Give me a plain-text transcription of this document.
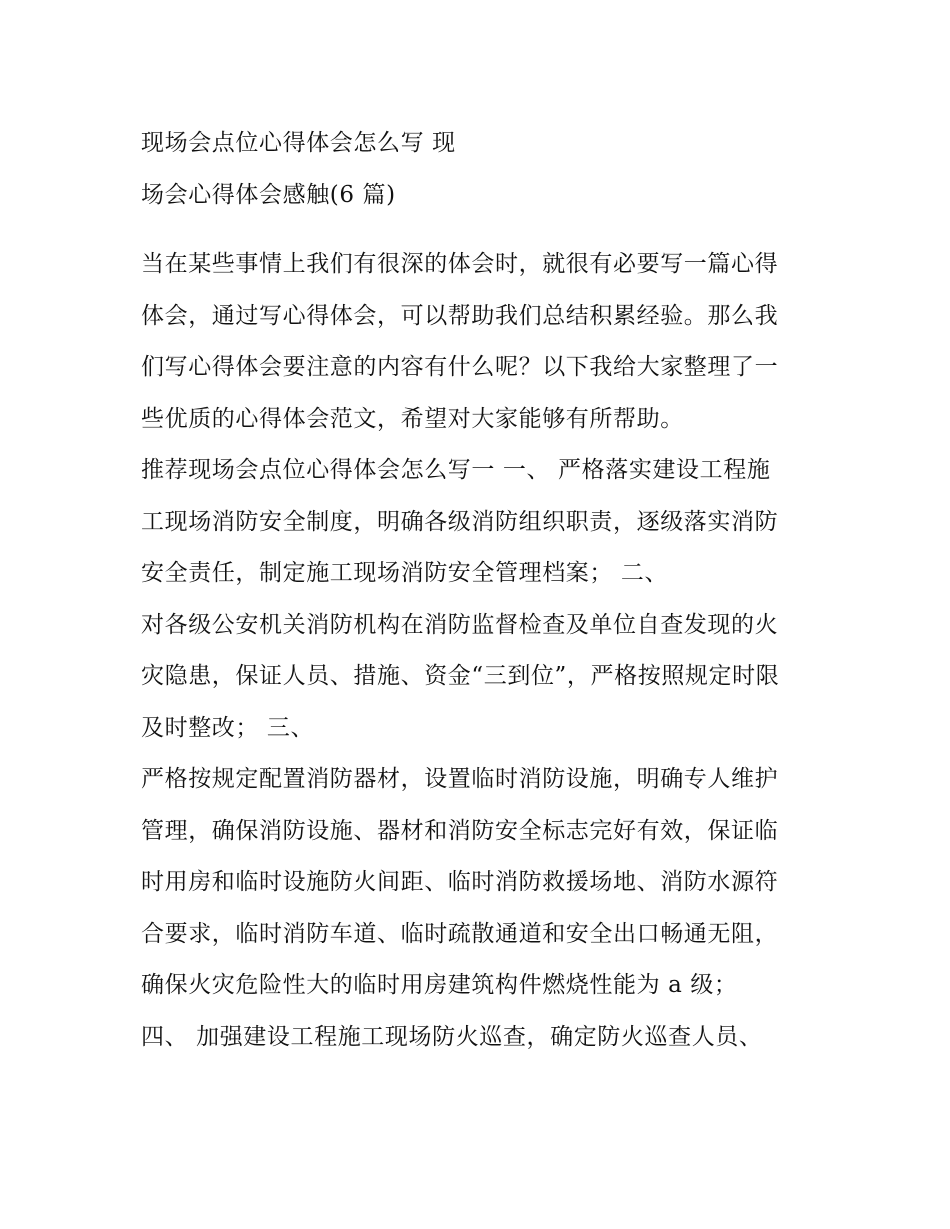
现场会点位心得体会怎么写 现
场会心得体会感触(6 篇)
当在某些事情上我们有很深的体会时，就很有必要写一篇心得
体会，通过写心得体会，可以帮助我们总结积累经验。那么我
们写心得体会要注意的内容有什么呢？以下我给大家整理了一
些优质的心得体会范文，希望对大家能够有所帮助。
推荐现场会点位心得体会怎么写一 一、 严格落实建设工程施
工现场消防安全制度，明确各级消防组织职责，逐级落实消防
安全责任，制定施工现场消防安全管理档案； 二、
对各级公安机关消防机构在消防监督检查及单位自查发现的火
灾隐患，保证人员、措施、资金“三到位”，严格按照规定时限
及时整改； 三、
严格按规定配置消防器材，设置临时消防设施，明确专人维护
管理，确保消防设施、器材和消防安全标志完好有效，保证临
时用房和临时设施防火间距、临时消防救援场地、消防水源符
合要求，临时消防车道、临时疏散通道和安全出口畅通无阻，
确保火灾危险性大的临时用房建筑构件燃烧性能为 a 级；
四、 加强建设工程施工现场防火巡查，确定防火巡查人员、
